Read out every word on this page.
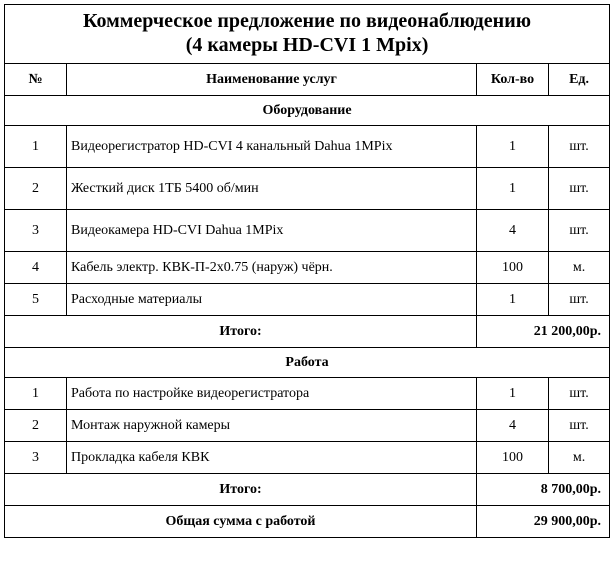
Коммерческое предложение по видеонаблюдению
(4 камеры HD-CVI 1 Mpix)			

№	Наименование услуг	Кол-во	Ед.
Оборудование			
1	Видеорегистратор HD-CVI 4 канальный Dahua 1MPix	1	шт.
2	Жесткий диск 1ТБ 5400 об/мин	1	шт.
3	Видеокамера HD-CVI Dahua 1MPix	4	шт.
4	Кабель электр. КВК-П-2х0.75 (наруж) чёрн.	100	м.
5	Расходные материалы	1	шт.
Итого:		21 200,00р.	
Работа			
1	Работа по настройке видеорегистратора	1	шт.
2	Монтаж наружной камеры	4	шт.
3	Прокладка кабеля КВК	100	м.
Итого:		8 700,00р.	
Общая сумма с работой		29 900,00р.	
